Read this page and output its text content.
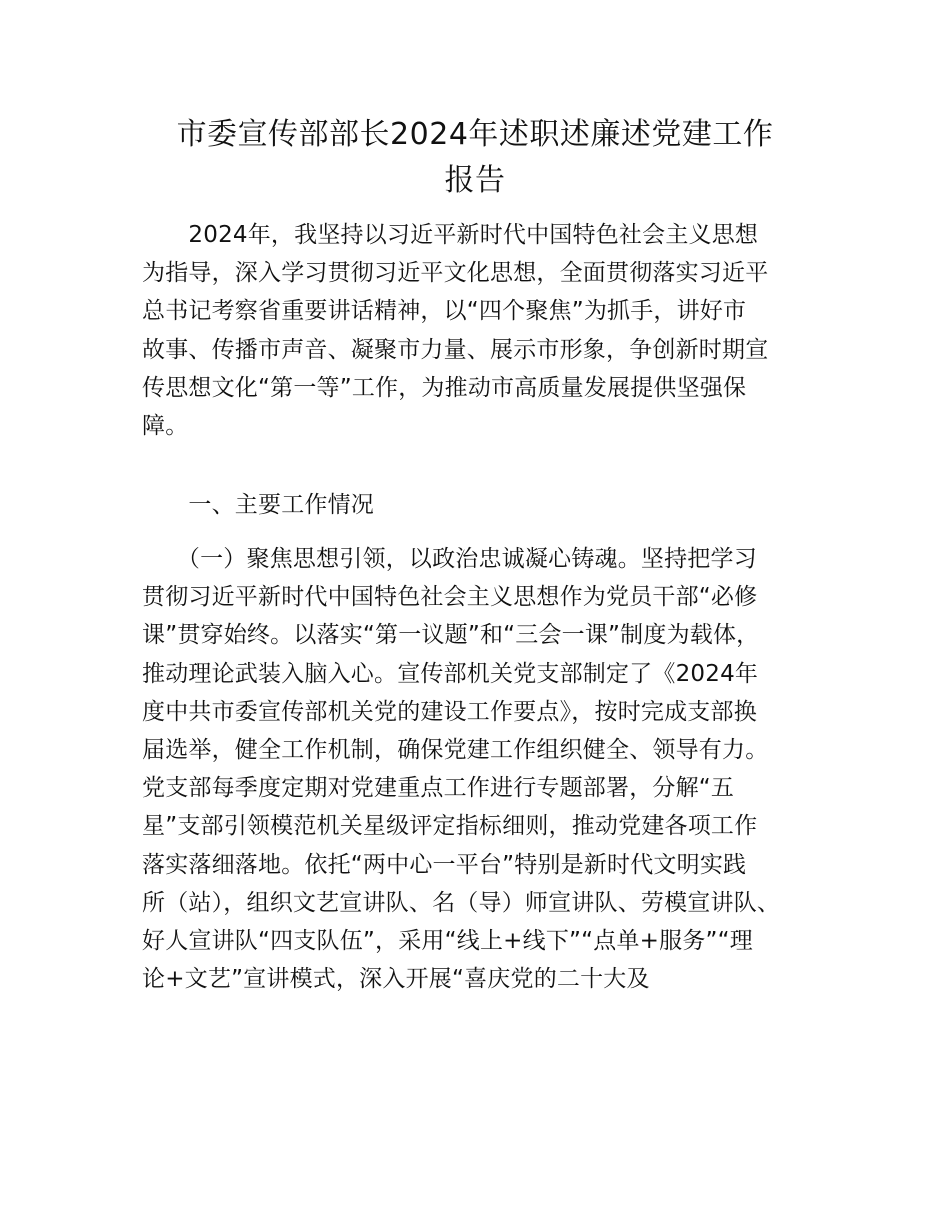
市委宣传部部长2024年述职述廉述党建工作
报告

　　2024年，我坚持以习近平新时代中国特色社会主义思想
为指导，深入学习贯彻习近平文化思想，全面贯彻落实习近平
总书记考察省重要讲话精神，以“四个聚焦”为抓手，讲好市
故事、传播市声音、凝聚市力量、展示市形象，争创新时期宣
传思想文化“第一等”工作，为推动市高质量发展提供坚强保
障。

　　一、主要工作情况

　　（一）聚焦思想引领，以政治忠诚凝心铸魂。坚持把学习
贯彻习近平新时代中国特色社会主义思想作为党员干部“必修
课”贯穿始终。以落实“第一议题”和“三会一课”制度为载体，
推动理论武装入脑入心。宣传部机关党支部制定了《2024年
度中共市委宣传部机关党的建设工作要点》，按时完成支部换
届选举，健全工作机制，确保党建工作组织健全、领导有力。
党支部每季度定期对党建重点工作进行专题部署，分解“五
星”支部引领模范机关星级评定指标细则，推动党建各项工作
落实落细落地。依托“两中心一平台”特别是新时代文明实践
所（站），组织文艺宣讲队、名（导）师宣讲队、劳模宣讲队、
好人宣讲队“四支队伍”，采用“线上+线下”“点单+服务”“理
论+文艺”宣讲模式，深入开展“喜庆党的二十大及
